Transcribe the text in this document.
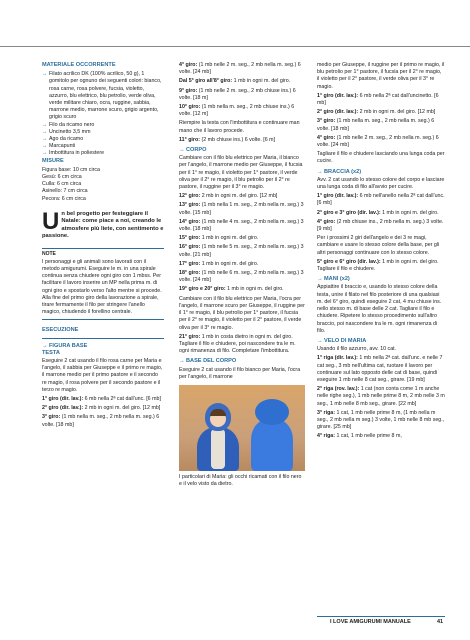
MATERIALE OCCORRENTE
→ Filato acrilico DK (100% acrilico, 50 g), 1 gomitolo per ognuno dei seguenti colori: bianco, rosa carne, rosa polvere, fucsia, violetto, azzurro, blu elettrico, blu petrolio, verde oliva, verde militare chiaro, ocra, ruggine, sabbia, marrone medio, marrone scuro, grigio argento, grigio scuro
→ Filo da ricamo nero
→ Uncinetto 3,5 mm
→ Ago da ricamo
→ Marcapunti
→ Imbottitura in poliestere
MISURE
Figura base: 10 cm circa
Gesù: 6 cm circa
Culla: 6 cm circa
Asinello: 7 cm circa
Pecora: 6 cm circa
Un bel progetto per festeggiare il Natale: come piace a noi, creando le atmosfere più liete, con sentimento e passione.
NOTE
I personaggi e gli animali sono lavorati con il metodo amigurumi. Eseguire le m. in una spirale continua senza chiudere ogni giro con 1 mbss. Per facilitare il lavoro inserire un MP nella prima m. di ogni giro e spostarlo verso l'alto mentre si procede. Alla fine del primo giro della lavorazione a spirale, tirare fermamente il filo per stringere l'anello magico, chiudendo il forellino centrale.
ESECUZIONE
→ FIGURA BASE
TESTA
Eseguire 2 cat usando il filo rosa carne per Maria e l'angelo, il sabbia per Giuseppe e il primo re magio, il marrone medio per il primo pastore e il secondo re magio, il rosa polvere per il secondo pastore e il terzo re magio.
1° giro (dir. lav.): 6 mb nella 2ª cat dall'unc. [6 mb]
2° giro (dir. lav.): 2 mb in ogni m. del giro. [12 mb]
3° giro: (1 mb nella m. seg., 2 mb nella m. seg.) 6 volte. [18 mb]
4° giro: (1 mb nelle 2 m. seg., 2 mb nella m. seg.) 6 volte. [24 mb]
Dal 5° giro all'8° giro: 1 mb in ogni m. del giro.
9° giro: (1 mb nelle 2 m. seg., 2 mb chiuse ins.) 6 volte. [18 m]
10° giro: (1 mb nella m. seg., 2 mb chiuse ins.) 6 volte. [12 m]
Riempire la testa con l'imbottitura e continuare man mano che il lavoro procede.
11° giro: (2 mb chiuse ins.) 6 volte. [6 m]
→ CORPO
Cambiare con il filo blu elettrico per Maria, il bianco per l'angelo, il marrone medio per Giuseppe, il fucsia per il 1° re magio, il violetto per 1° pastore, il verde oliva per il 2° re magio, il blu petrolio per il 2° re pastore, il ruggine per il 3° re magio.
12° giro: 2 mb in ogni m. del giro. [12 mb]
13° giro: (1 mb nella 1 m. seg., 2 mb nella m. seg.) 3 volte. [15 mb]
14° giro: (1 mb nelle 4 m. seg., 2 mb nella m. seg.) 3 volte. [18 mb]
15° giro: 1 mb in ogni m. del giro.
16° giro: (1 mb nelle 5 m. seg., 2 mb nella m. seg.) 3 volte. [21 mb]
17° giro: 1 mb in ogni m. del giro.
18° giro: (1 mb nelle 6 m. seg., 2 mb nella m. seg.) 3 volte. [24 mb]
19° giro e 20° giro: 1 mb in ogni m. del giro.
Cambiare con il filo blu elettrico per Maria, l'ocra per l'angelo, il marrone scuro per Giuseppe, il ruggine per il 1° re magio, il blu petrolio per 1° pastore, il fucsia per il 2° re magio, il violetto per il 2° pastore, il verde oliva per il 3° re magio.
21° giro: 1 mb in costa dietro in ogni m. del giro. Tagliare il filo e chiudere, poi nascondere tra le m. ogni rimanenza di filo. Completare l'imbottitura.
→ BASE DEL CORPO
Eseguire 2 cat usando il filo bianco per Maria, l'ocra per l'angelo, il marrone
I particolari di Maria: gli occhi ricamati con il filo nero e il velo visto da dietro.
medio per Giuseppe, il ruggine per il primo re magio, il blu petrolio per 1° pastore, il fucsia per il 2° re magio, il violetto per il 2° pastore, il verde oliva per il 3° re magio.
1° giro (dir. lav.): 6 mb nella 2ª cat dall'uncinetto. [6 mb]
2° giro (dir. lav.): 2 mb in ogni m. del giro. [12 mb]
3° giro: (1 mb nella m. seg., 2 mb nella m. seg.) 6 volte. [18 mb]
4° giro: (1 mb nelle 2 m. seg., 2 mb nella m. seg.) 6 volte. [24 mb]
Tagliare il filo e chiudere lasciando una lunga coda per cucire.
→ BRACCIA (x2)
Avv. 2 cat usando lo stesso colore del corpo e lasciare una lunga coda di filo all'avvio per cucire.
1° giro (dir. lav.): 6 mb nell'anello nella 2ª cat dall'unc. [6 mb]
2° giro e 3° giro (dir. lav.): 1 mb in ogni m. del giro.
4° giro: (2 mb chiuse ins., 2 mb nella m. seg.) 3 volte. [9 mb]
Per i prossimi 2 giri dell'angelo e dei 3 re magi, cambiare e usare lo stesso colore della base, per gli altri personaggi continuare con lo stesso colore.
5° giro e 6° giro (dir. lav.): 1 mb in ogni m. del giro. Tagliare il filo e chiudere.
→ MANI (x2)
Appiattire il braccio e, usando lo stesso colore della testa, unire il filato nel filo posteriore di una qualsiasi m. del 6° giro, quindi eseguire 2 cat, 4 mu chiuse ins. nello stesso m. di base delle 2 cat. Tagliare il filo e chiudere. Ripetere lo stesso procedimento sull'altro braccio, poi nascondere tra le m. ogni rimanenza di filo.
→ VELO DI MARIA
Usando il filo azzurro, avv. 10 cat.
1° riga (dir. lav.): 1 mb nella 2ª cat. dall'unc. e nelle 7 cat seg., 3 mb nell'ultima cat, ruotare il lavoro per continuare sul lato opposto delle cat di base, quindi eseguire 1 mb nelle 8 cat seg., girare. [19 mb]
2° riga (rov. lav.): 1 cat (non conta come 1 m anche nelle righe seg.), 1 mb nelle prime 8 m, 2 mb nelle 3 m seg., 1 mb nelle 8 mb seg., girare. [22 mb]
3° riga: 1 cat, 1 mb nelle prime 8 m, (1 mb nella m seg., 2 mb nella m seg.) 3 volte, 1 mb nelle 8 mb seg., girare. [25 mb]
4° riga: 1 cat, 1 mb nelle prime 8 m,
I LOVE AMIGURUMI MANUALE	41
